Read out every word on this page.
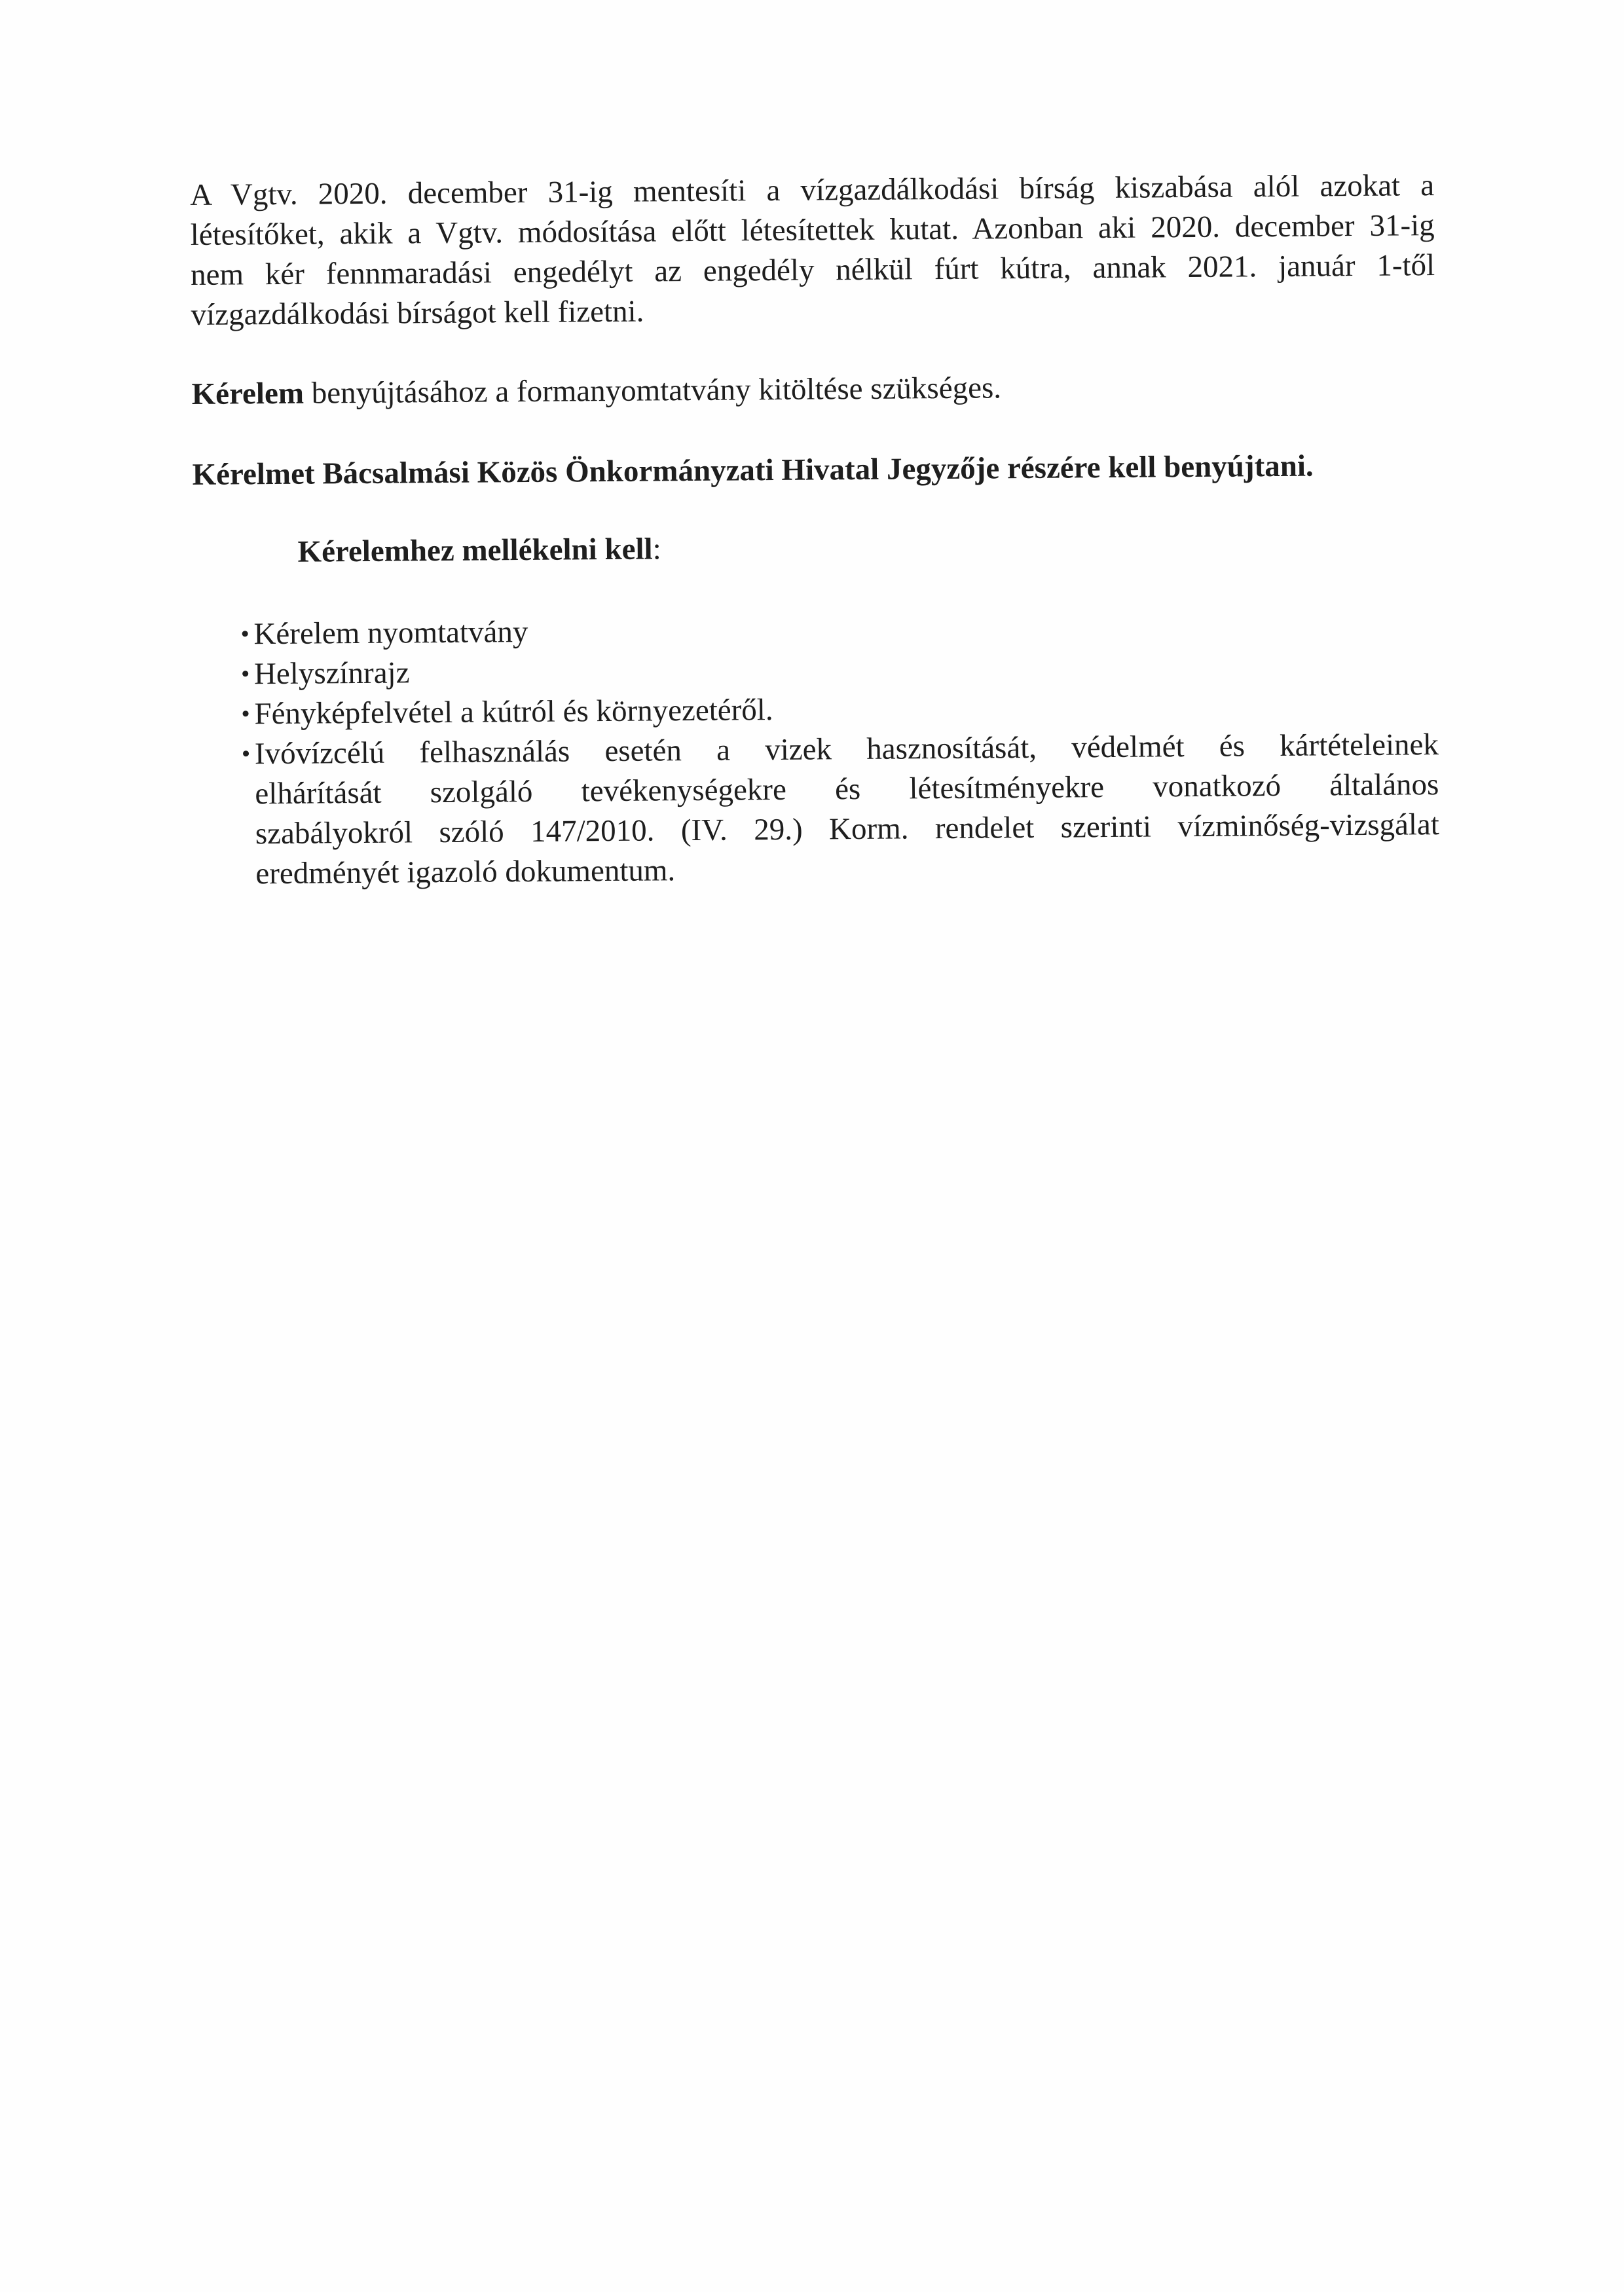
A Vgtv. 2020. december 31-ig mentesíti a vízgazdálkodási bírság kiszabása alól azokat a
létesítőket, akik a Vgtv. módosítása előtt létesítettek kutat. Azonban aki 2020. december 31-ig
nem kér fennmaradási engedélyt az engedély nélkül fúrt kútra, annak 2021. január 1-től
vízgazdálkodási bírságot kell fizetni.

Kérelem benyújtásához a formanyomtatvány kitöltése szükséges.

Kérelmet Bácsalmási Közös Önkormányzati Hivatal Jegyzője részére kell benyújtani.

Kérelemhez mellékelni kell:

• Kérelem nyomtatvány
• Helyszínrajz
• Fényképfelvétel a kútról és környezetéről.
• Ivóvízcélú felhasználás esetén a vizek hasznosítását, védelmét és kártételeinek
elhárítását szolgáló tevékenységekre és létesítményekre vonatkozó általános
szabályokról szóló 147/2010. (IV. 29.) Korm. rendelet szerinti vízminőség-vizsgálat
eredményét igazoló dokumentum.
